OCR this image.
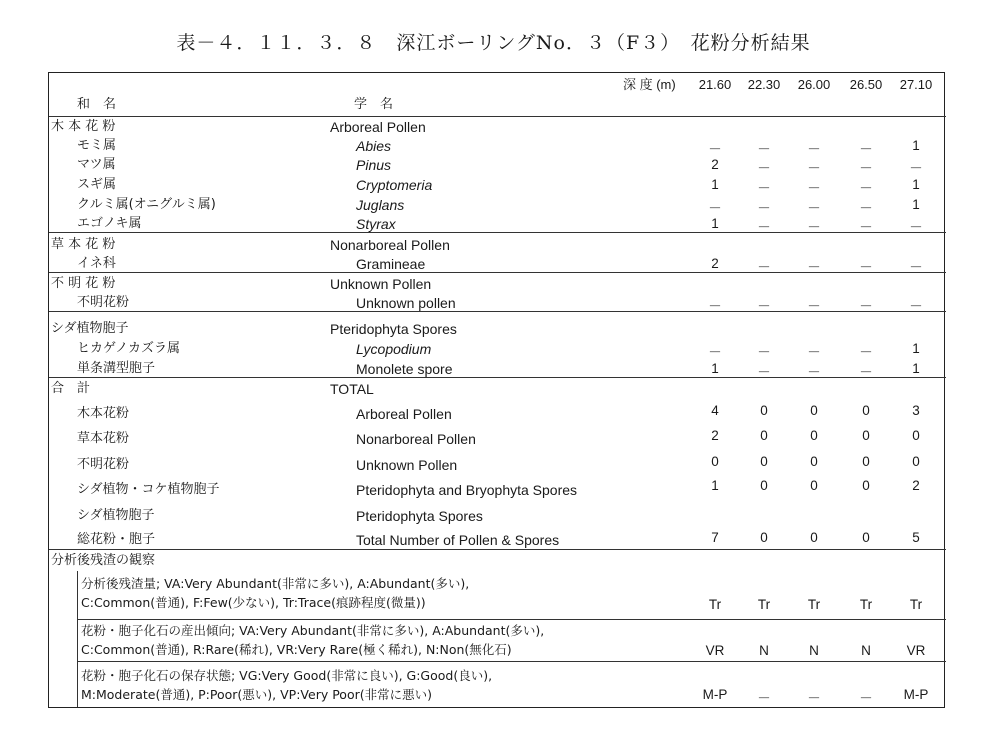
表－４．１１．３．８　深江ボーリングNo．３（F３）　花粉分析結果
深 度 (m) 21.60 22.30 26.00 26.50 27.10
和　名	学　名
木 本 花 粉	Arboreal Pollen
モミ属	Abies	－	－	－	－	1
マツ属	Pinus	2	－	－	－	－
スギ属	Cryptomeria	1	－	－	－	1
クルミ属(オニグルミ属)	Juglans	－	－	－	－	1
エゴノキ属	Styrax	1	－	－	－	－
草 本 花 粉	Nonarboreal Pollen
イネ科	Gramineae	2	－	－	－	－
不 明 花 粉	Unknown Pollen
不明花粉	Unknown pollen	－	－	－	－	－
シダ植物胞子	Pteridophyta Spores
ヒカゲノカズラ属	Lycopodium	－	－	－	－	1
単条溝型胞子	Monolete spore	1	－	－	－	1
合　計	TOTAL
木本花粉	Arboreal Pollen	4	0	0	0	3
草本花粉	Nonarboreal Pollen	2	0	0	0	0
不明花粉	Unknown Pollen	0	0	0	0	0
シダ植物・コケ植物胞子	Pteridophyta and Bryophyta Spores	1	0	0	0	2
シダ植物胞子	Pteridophyta Spores
総花粉・胞子	Total Number of Pollen & Spores	7	0	0	0	5
分析後残渣の観察
分析後残渣量; VA:Very Abundant(非常に多い), A:Abundant(多い),
C:Common(普通), F:Few(少ない), Tr:Trace(痕跡程度(微量))	Tr	Tr	Tr	Tr	Tr
花粉・胞子化石の産出傾向; VA:Very Abundant(非常に多い), A:Abundant(多い),
C:Common(普通), R:Rare(稀れ), VR:Very Rare(極く稀れ), N:Non(無化石)	VR	N	N	N	VR
花粉・胞子化石の保存状態; VG:Very Good(非常に良い), G:Good(良い),
M:Moderate(普通), P:Poor(悪い), VP:Very Poor(非常に悪い)	M-P	－	－	－	M-P
